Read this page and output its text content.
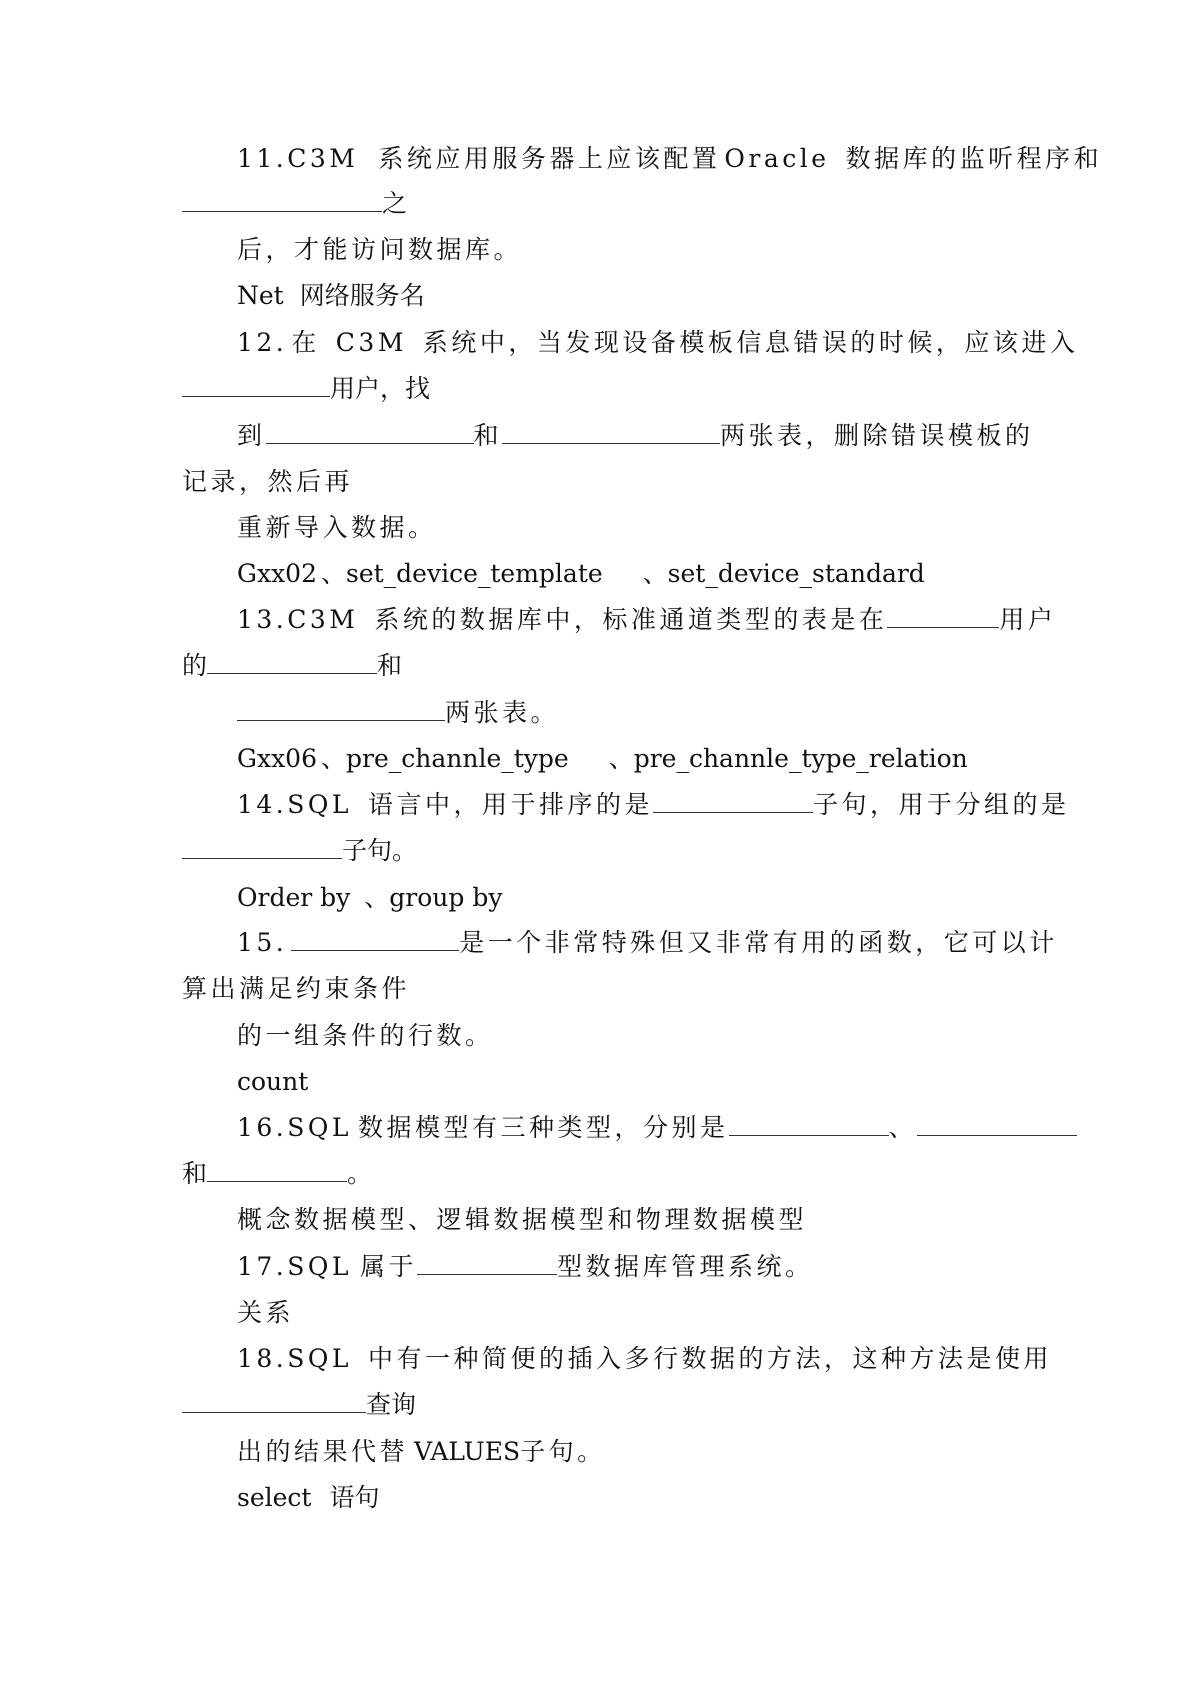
11.C3M 系统应用服务器上应该配置 Oracle 数据库的监听程序和
之
后，才能访问数据库。
Net 网络服务名
12. 在 C3M 系统中，当发现设备模板信息错误的时候，应该进入
用户，找
到	和	两张表，删除错误模板的
记录，然后再
重新导入数据。
Gxx02 、set_device_template 、set_device_standard
13.C3M 系统的数据库中，标准通道类型的表是在	用户
的	和
两张表。
Gxx06 、pre_channle_type 、pre_channle_type_relation
14.SQL 语言中，用于排序的是	子句，用于分组的是
子句。
Order by 、group by
15.	是一个非常特殊但又非常有用的函数，它可以计
算出满足约束条件
的一组条件的行数。
count
16.SQL 数据模型有三种类型，分别是	、
和	。
概念数据模型、逻辑数据模型和物理数据模型
17.SQL 属于	型数据库管理系统。
关系
18.SQL 中有一种简便的插入多行数据的方法，这种方法是使用
查询
出的结果代替 VALUES子句。
select 语句
